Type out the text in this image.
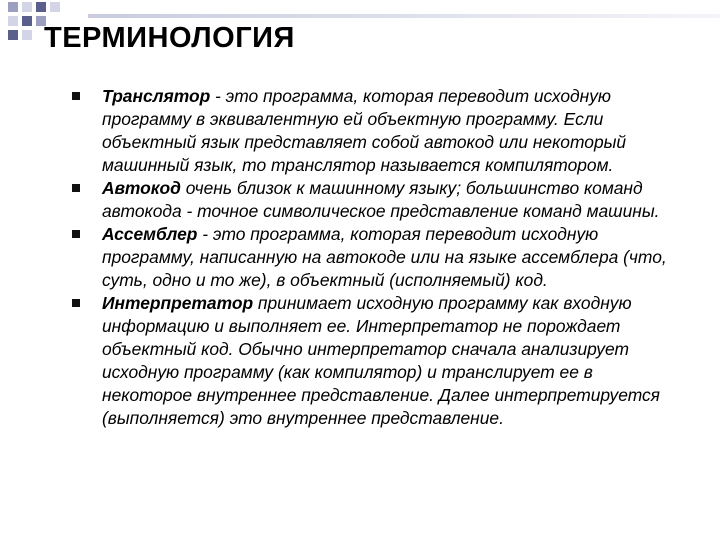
ТЕРМИНОЛОГИЯ
Транслятор - это программа, которая переводит исходную программу в эквивалентную ей объектную программу. Если объектный язык представляет собой автокод или некоторый машинный язык, то транслятор называется компилятором.
Автокод очень близок к машинному языку; большинство команд автокода - точное символическое представление команд машины.
Ассемблер - это программа, которая переводит исходную программу, написанную на автокоде или на языке ассемблера (что, суть, одно и то же), в объектный (исполняемый) код.
Интерпретатор принимает исходную программу как входную информацию и выполняет ее. Интерпретатор не порождает объектный код. Обычно интерпретатор сначала анализирует исходную программу (как компилятор) и транслирует ее в некоторое внутреннее представление. Далее интерпретируется (выполняется) это внутреннее представление.
